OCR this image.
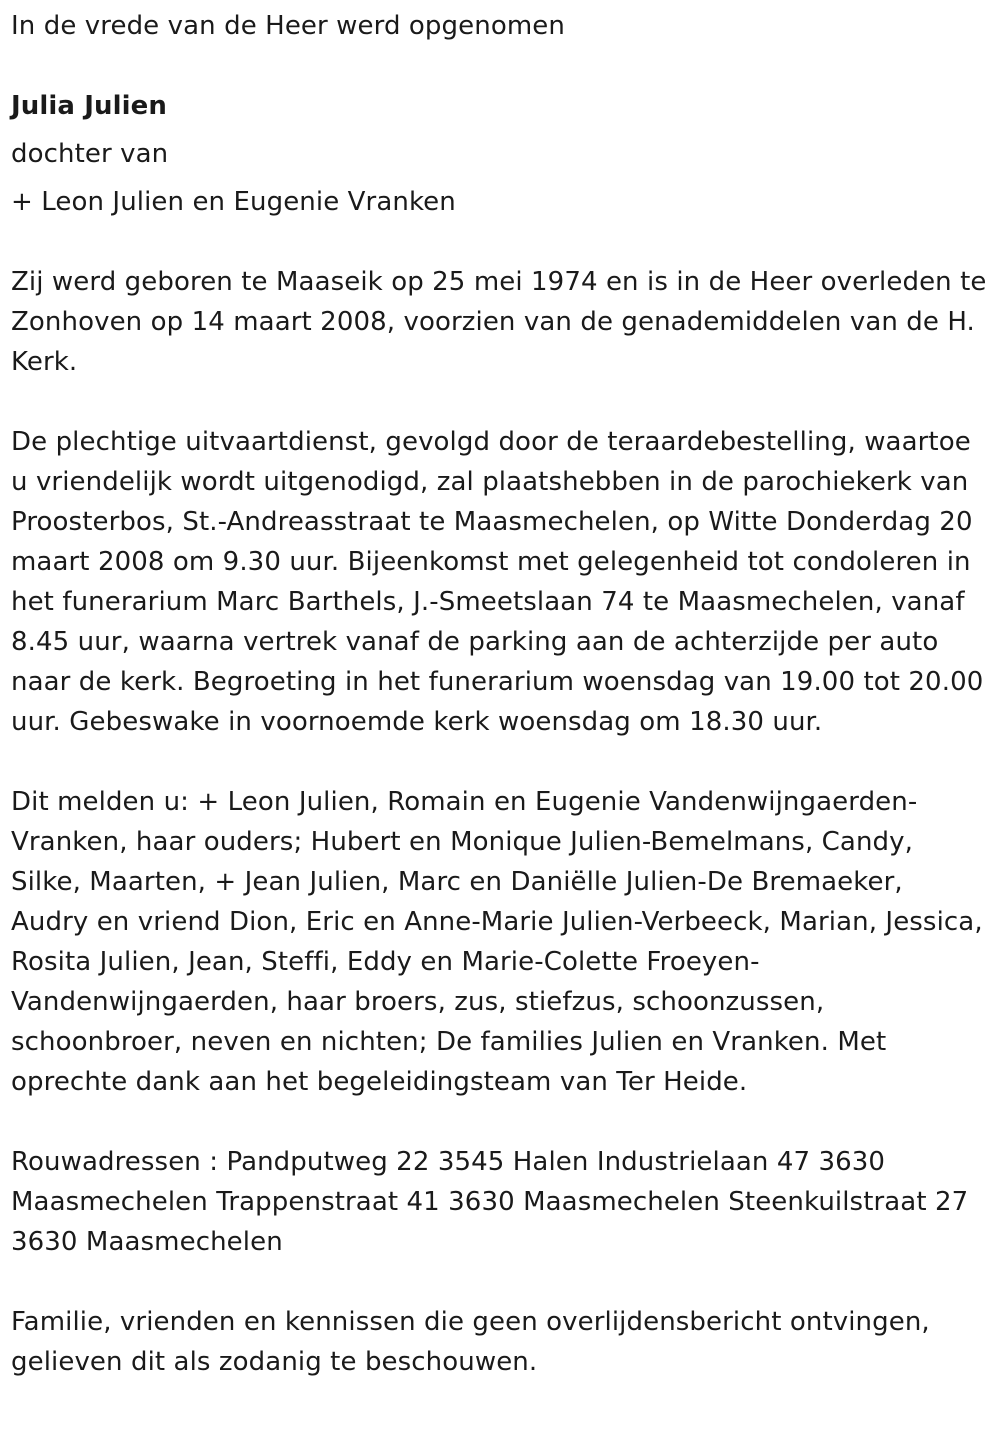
In de vrede van de Heer werd opgenomen

Julia Julien

dochter van

+ Leon Julien en Eugenie Vranken

Zij werd geboren te Maaseik op 25 mei 1974 en is in de Heer overleden te Zonhoven op 14 maart 2008, voorzien van de genademiddelen van de H. Kerk.

De plechtige uitvaartdienst, gevolgd door de teraardebestelling, waartoe u vriendelijk wordt uitgenodigd, zal plaatshebben in de parochiekerk van Proosterbos, St.-Andreasstraat te Maasmechelen, op Witte Donderdag 20 maart 2008 om 9.30 uur. Bijeenkomst met gelegenheid tot condoleren in het funerarium Marc Barthels, J.-Smeetslaan 74 te Maasmechelen, vanaf 8.45 uur, waarna vertrek vanaf de parking aan de achterzijde per auto naar de kerk. Begroeting in het funerarium woensdag van 19.00 tot 20.00 uur. Gebeswake in voornoemde kerk woensdag om 18.30 uur.

Dit melden u: + Leon Julien, Romain en Eugenie Vandenwijngaerden-Vranken, haar ouders; Hubert en Monique Julien-Bemelmans, Candy, Silke, Maarten, + Jean Julien, Marc en Daniëlle Julien-De Bremaeker, Audry en vriend Dion, Eric en Anne-Marie Julien-Verbeeck, Marian, Jessica, Rosita Julien, Jean, Steffi, Eddy en Marie-Colette Froeyen-Vandenwijngaerden, haar broers, zus, stiefzus, schoonzussen, schoonbroer, neven en nichten; De families Julien en Vranken. Met oprechte dank aan het begeleidingsteam van Ter Heide.

Rouwadressen : Pandputweg 22 3545 Halen Industrielaan 47 3630 Maasmechelen Trappenstraat 41 3630 Maasmechelen Steenkuilstraat 27 3630 Maasmechelen

Familie, vrienden en kennissen die geen overlijdensbericht ontvingen, gelieven dit als zodanig te beschouwen.
